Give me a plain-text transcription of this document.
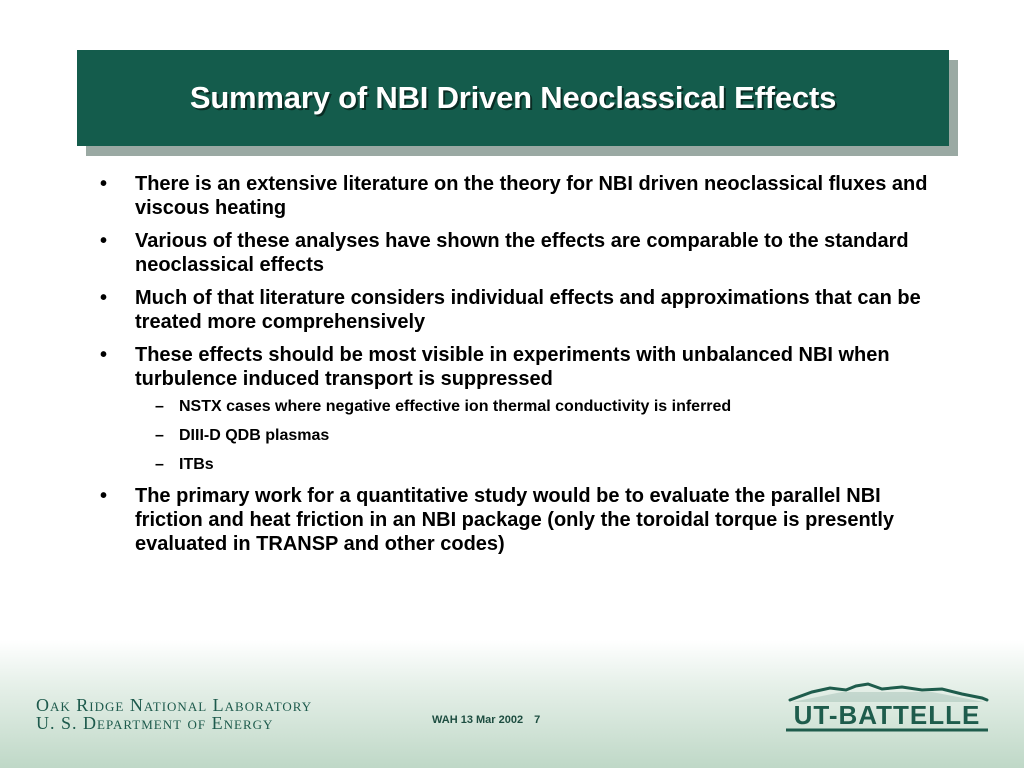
Summary of NBI Driven Neoclassical Effects
• There is an extensive literature on the theory for NBI driven neoclassical fluxes and viscous heating
• Various of these analyses have shown the effects are comparable to the standard neoclassical effects
• Much of that literature considers individual effects and approximations that can be treated more comprehensively
• These effects should be most visible in experiments with unbalanced NBI when turbulence induced transport is suppressed
– NSTX cases where negative effective ion thermal conductivity is inferred
– DIII-D QDB plasmas
– ITBs
• The primary work for a quantitative study would be to evaluate the parallel NBI friction and heat friction in an NBI package (only the toroidal torque is presently evaluated in TRANSP and other codes)
Oak Ridge National Laboratory
U. S. Department of Energy	WAH 13 Mar 2002 7	UT-BATTELLE
